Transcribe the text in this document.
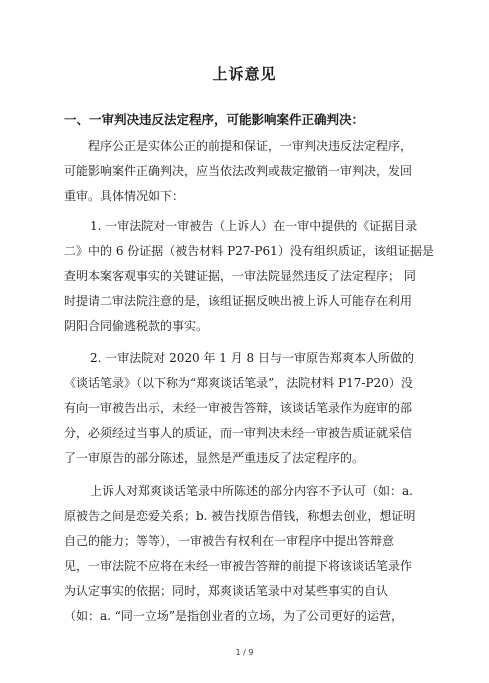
上诉意见
一、一审判决违反法定程序，可能影响案件正确判决：
程序公正是实体公正的前提和保证，一审判决违反法定程序，
可能影响案件正确判决，应当依法改判或裁定撤销一审判决，发回
重审。具体情况如下：
1. 一审法院对一审被告（上诉人）在一审中提供的《证据目录
二》中的 6 份证据（被告材料 P27-P61）没有组织质证，该组证据是
查明本案客观事实的关键证据，一审法院显然违反了法定程序； 同
时提请二审法院注意的是，该组证据反映出被上诉人可能存在利用
阴阳合同偷逃税款的事实。
2. 一审法院对 2020 年 1 月 8 日与一审原告郑爽本人所做的
《谈话笔录》（以下称为“郑爽谈话笔录”，法院材料 P17-P20）没
有向一审被告出示，未经一审被告答辩，该谈话笔录作为庭审的部
分，必须经过当事人的质证，而一审判决未经一审被告质证就采信
了一审原告的部分陈述，显然是严重违反了法定程序的。
上诉人对郑爽谈话笔录中所陈述的部分内容不予认可（如：a.
原被告之间是恋爱关系；b. 被告找原告借钱，称想去创业，想证明
自己的能力；等等），一审被告有权利在一审程序中提出答辩意
见，一审法院不应将在未经一审被告答辩的前提下将该谈话笔录作
为认定事实的依据；同时，郑爽谈话笔录中对某些事实的自认
（如：a. “同一立场”是指创业者的立场，为了公司更好的运营，
1 / 9
